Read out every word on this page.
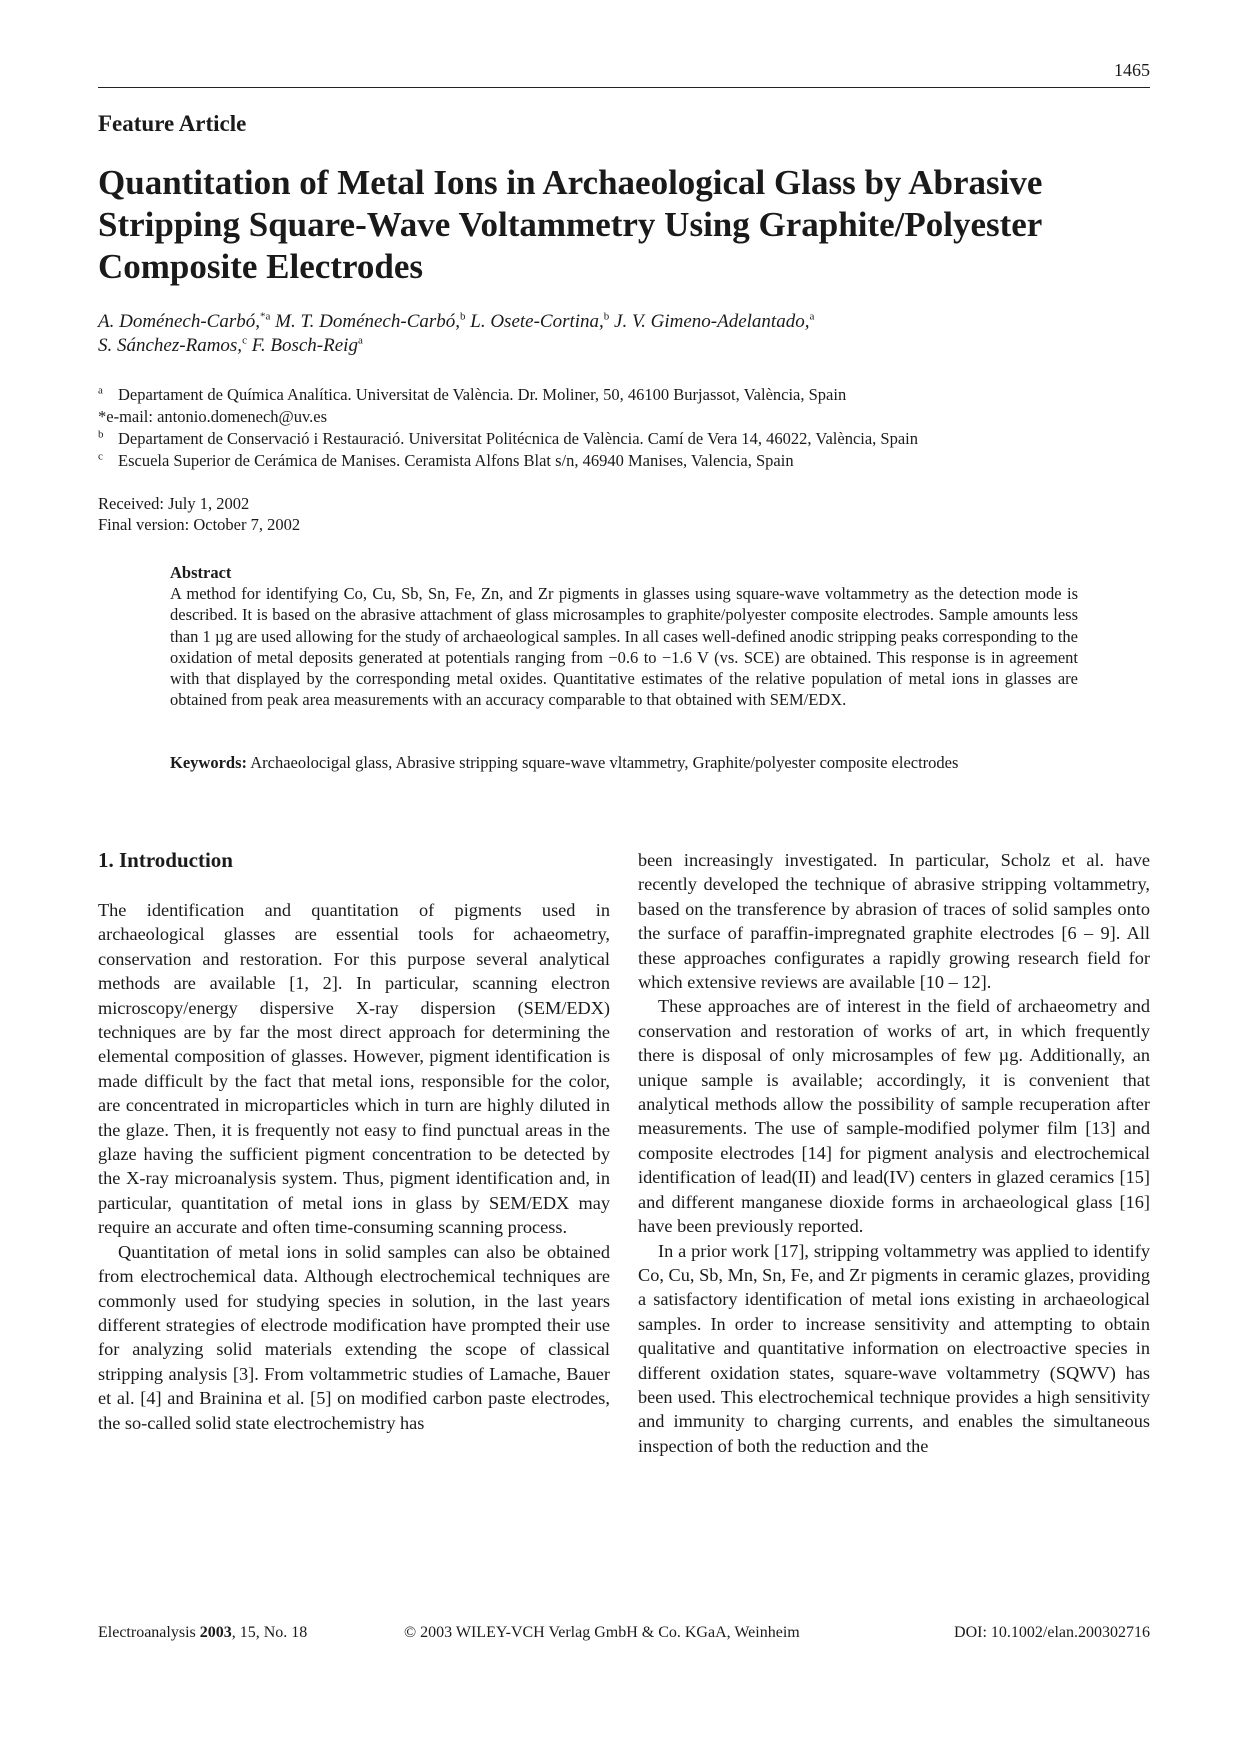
1465
Feature Article
Quantitation of Metal Ions in Archaeological Glass by Abrasive Stripping Square-Wave Voltammetry Using Graphite/Polyester Composite Electrodes
A. Doménech-Carbó,$^{*a}$ M. T. Doménech-Carbó,$^b$ L. Osete-Cortina,$^b$ J. V. Gimeno-Adelantado,$^a$
S. Sánchez-Ramos,$^c$ F. Bosch-Reig$^a$
$^a$ Departament de Química Analítica. Universitat de València. Dr. Moliner, 50, 46100 Burjassot, València, Spain
*e-mail: antonio.domenech@uv.es
$^b$ Departament de Conservació i Restauració. Universitat Politécnica de València. Camí de Vera 14, 46022, València, Spain
$^c$ Escuela Superior de Cerámica de Manises. Ceramista Alfons Blat s/n, 46940 Manises, Valencia, Spain
Received: July 1, 2002
Final version: October 7, 2002
Abstract
A method for identifying Co, Cu, Sb, Sn, Fe, Zn, and Zr pigments in glasses using square-wave voltammetry as the detection mode is described. It is based on the abrasive attachment of glass microsamples to graphite/polyester composite electrodes. Sample amounts less than 1 µg are used allowing for the study of archaeological samples. In all cases well-defined anodic stripping peaks corresponding to the oxidation of metal deposits generated at potentials ranging from −0.6 to −1.6 V (vs. SCE) are obtained. This response is in agreement with that displayed by the corresponding metal oxides. Quantitative estimates of the relative population of metal ions in glasses are obtained from peak area measurements with an accuracy comparable to that obtained with SEM/EDX.
Keywords: Archaeolocigal glass, Abrasive stripping square-wave vltammetry, Graphite/polyester composite electrodes
1. Introduction

The identification and quantitation of pigments used in archaeological glasses are essential tools for achaeometry, conservation and restoration. For this purpose several analytical methods are available [1, 2]. In particular, scanning electron microscopy/energy dispersive X-ray dispersion (SEM/EDX) techniques are by far the most direct approach for determining the elemental composition of glasses. However, pigment identification is made difficult by the fact that metal ions, responsible for the color, are concentrated in microparticles which in turn are highly diluted in the glaze. Then, it is frequently not easy to find punctual areas in the glaze having the sufficient pigment concentration to be detected by the X-ray microanalysis system. Thus, pigment identification and, in particular, quantitation of metal ions in glass by SEM/EDX may require an accurate and often time-consuming scanning process.

Quantitation of metal ions in solid samples can also be obtained from electrochemical data. Although electrochemical techniques are commonly used for studying species in solution, in the last years different strategies of electrode modification have prompted their use for analyzing solid materials extending the scope of classical stripping analysis [3]. From voltammetric studies of Lamache, Bauer et al. [4] and Brainina et al. [5] on modified carbon paste electrodes, the so-called solid state electrochemistry has

been increasingly investigated. In particular, Scholz et al. have recently developed the technique of abrasive stripping voltammetry, based on the transference by abrasion of traces of solid samples onto the surface of paraffin-impregnated graphite electrodes [6 – 9]. All these approaches configurates a rapidly growing research field for which extensive reviews are available [10 – 12].

These approaches are of interest in the field of archaeometry and conservation and restoration of works of art, in which frequently there is disposal of only microsamples of few µg. Additionally, an unique sample is available; accordingly, it is convenient that analytical methods allow the possibility of sample recuperation after measurements. The use of sample-modified polymer film [13] and composite electrodes [14] for pigment analysis and electrochemical identification of lead(II) and lead(IV) centers in glazed ceramics [15] and different manganese dioxide forms in archaeological glass [16] have been previously reported.

In a prior work [17], stripping voltammetry was applied to identify Co, Cu, Sb, Mn, Sn, Fe, and Zr pigments in ceramic glazes, providing a satisfactory identification of metal ions existing in archaeological samples. In order to increase sensitivity and attempting to obtain qualitative and quantitative information on electroactive species in different oxidation states, square-wave voltammetry (SQWV) has been used. This electrochemical technique provides a high sensitivity and immunity to charging currents, and enables the simultaneous inspection of both the reduction and the

Electroanalysis 2003, 15, No. 18	© 2003 WILEY-VCH Verlag GmbH & Co. KGaA, Weinheim	DOI: 10.1002/elan.200302716
